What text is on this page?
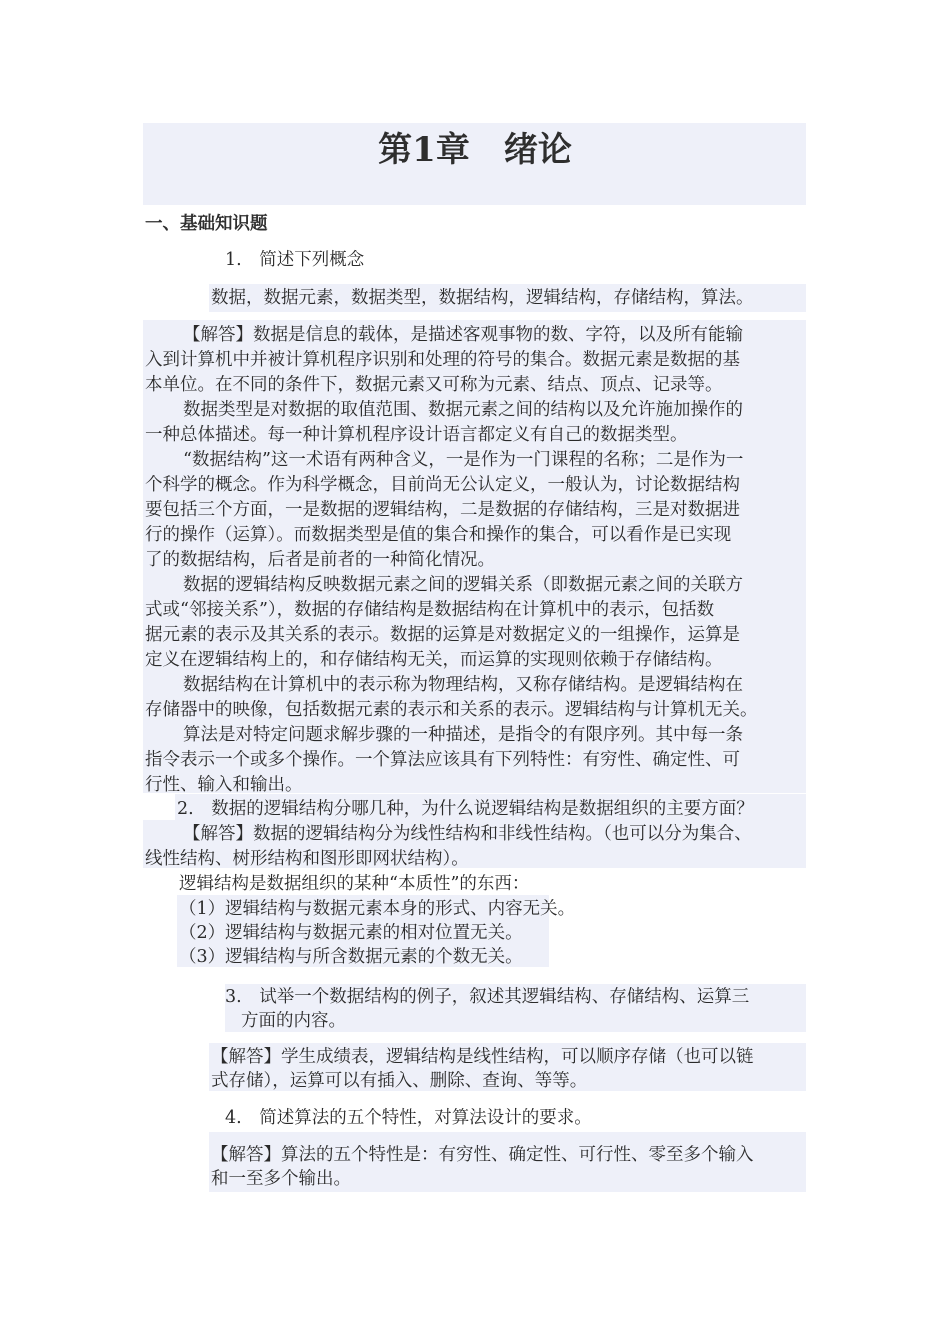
第1章　绪论
一、基础知识题
1.　简述下列概念
数据，数据元素，数据类型，数据结构，逻辑结构，存储结构，算法。
【解答】数据是信息的载体，是描述客观事物的数、字符，以及所有能输
入到计算机中并被计算机程序识别和处理的符号的集合。数据元素是数据的基
本单位。在不同的条件下，数据元素又可称为元素、结点、顶点、记录等。
数据类型是对数据的取值范围、数据元素之间的结构以及允许施加操作的
一种总体描述。每一种计算机程序设计语言都定义有自己的数据类型。
“数据结构”这一术语有两种含义，一是作为一门课程的名称；二是作为一
个科学的概念。作为科学概念，目前尚无公认定义，一般认为，讨论数据结构
要包括三个方面，一是数据的逻辑结构，二是数据的存储结构，三是对数据进
行的操作（运算）。而数据类型是值的集合和操作的集合，可以看作是已实现
了的数据结构，后者是前者的一种简化情况。
数据的逻辑结构反映数据元素之间的逻辑关系（即数据元素之间的关联方
式或“邻接关系”），数据的存储结构是数据结构在计算机中的表示，包括数
据元素的表示及其关系的表示。数据的运算是对数据定义的一组操作，运算是
定义在逻辑结构上的，和存储结构无关，而运算的实现则依赖于存储结构。
数据结构在计算机中的表示称为物理结构，又称存储结构。是逻辑结构在
存储器中的映像，包括数据元素的表示和关系的表示。逻辑结构与计算机无关。
算法是对特定问题求解步骤的一种描述，是指令的有限序列。其中每一条
指令表示一个或多个操作。一个算法应该具有下列特性：有穷性、确定性、可
行性、输入和输出。
2.　数据的逻辑结构分哪几种，为什么说逻辑结构是数据组织的主要方面？
【解答】数据的逻辑结构分为线性结构和非线性结构。（也可以分为集合、
线性结构、树形结构和图形即网状结构）。
逻辑结构是数据组织的某种“本质性”的东西：
（1）逻辑结构与数据元素本身的形式、内容无关。
（2）逻辑结构与数据元素的相对位置无关。
（3）逻辑结构与所含数据元素的个数无关。
3.　试举一个数据结构的例子，叙述其逻辑结构、存储结构、运算三
方面的内容。
【解答】学生成绩表，逻辑结构是线性结构，可以顺序存储（也可以链
式存储），运算可以有插入、删除、查询、等等。
4.　简述算法的五个特性，对算法设计的要求。
【解答】算法的五个特性是：有穷性、确定性、可行性、零至多个输入
和一至多个输出。
